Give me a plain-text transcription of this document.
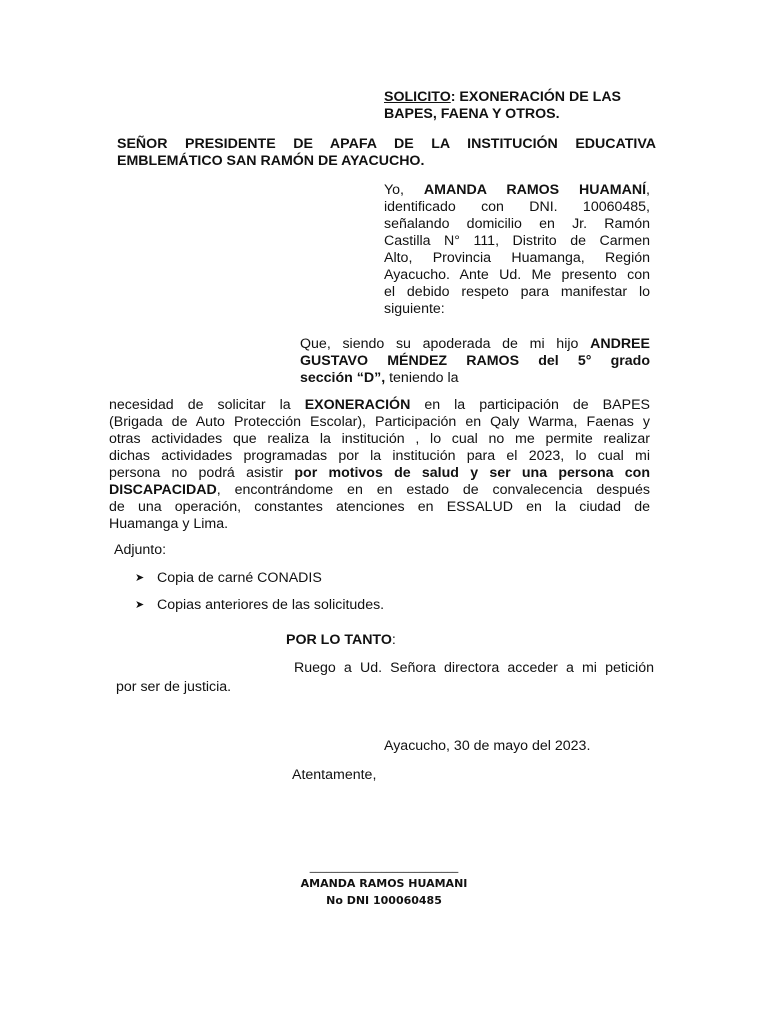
SOLICITO: EXONERACIÓN DE LAS
BAPES, FAENA Y OTROS.
SEÑOR PRESIDENTE DE APAFA DE LA INSTITUCIÓN EDUCATIVA
EMBLEMÁTICO SAN RAMÓN DE AYACUCHO.
Yo, AMANDA RAMOS HUAMANÍ,
identificado con DNI. 10060485,
señalando domicilio en Jr. Ramón
Castilla N° 111, Distrito de Carmen
Alto, Provincia Huamanga, Región
Ayacucho. Ante Ud. Me presento con
el debido respeto para manifestar lo
siguiente:
Que, siendo su apoderada de mi hijo ANDREE
GUSTAVO MÉNDEZ RAMOS del 5° grado
sección “D”, teniendo la
necesidad de solicitar la EXONERACIÓN en la participación de BAPES
(Brigada de Auto Protección Escolar), Participación en Qaly Warma, Faenas y
otras actividades que realiza la institución , lo cual no me permite realizar
dichas actividades programadas por la institución para el 2023, lo cual mi
persona no podrá asistir por motivos de salud y ser una persona con
DISCAPACIDAD, encontrándome en en estado de convalecencia después
de una operación, constantes atenciones en ESSALUD en la ciudad de
Huamanga y Lima.
Adjunto:
➤ Copia de carné CONADIS
➤ Copias anteriores de las solicitudes.
POR LO TANTO:
Ruego a Ud. Señora directora acceder a mi petición
por ser de justicia.
Ayacucho, 30 de mayo del 2023.
Atentamente,
___________________________
AMANDA RAMOS HUAMANI
No DNI 100060485
